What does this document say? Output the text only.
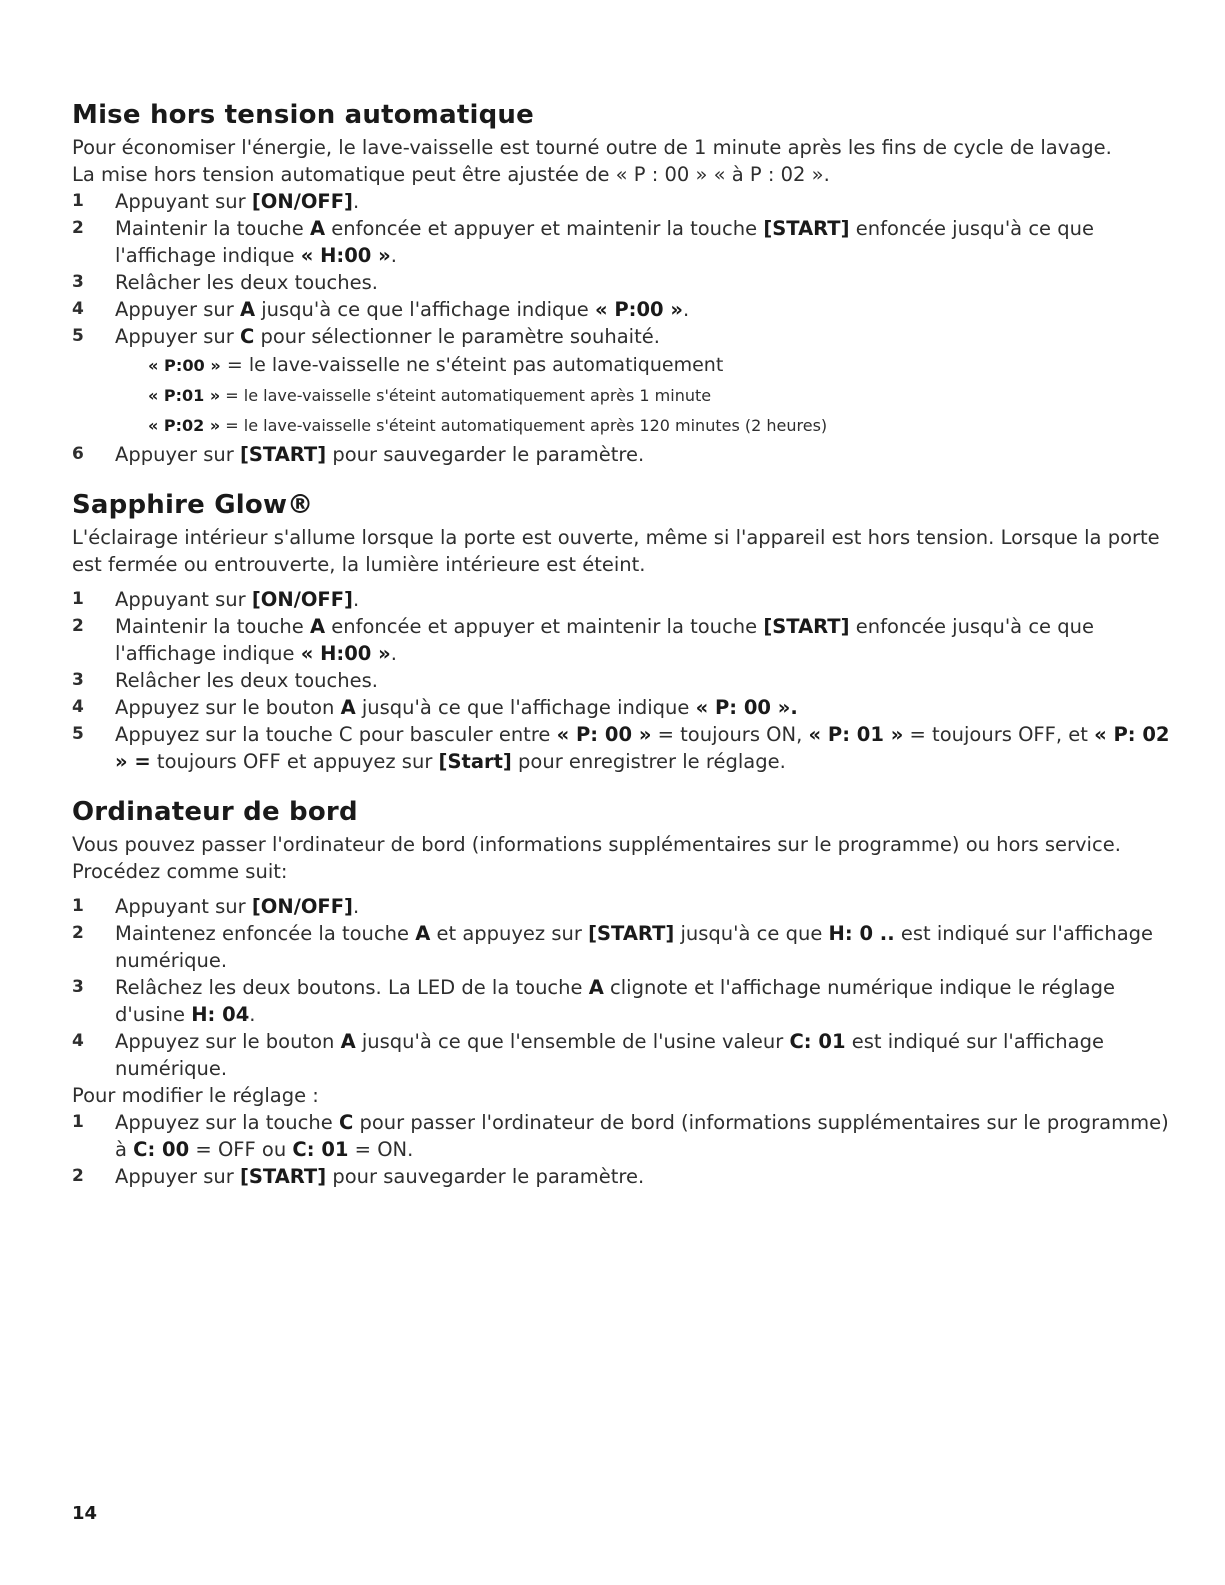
Mise hors tension automatique

Pour économiser l'énergie, le lave-vaisselle est tourné outre de 1 minute après les fins de cycle de lavage.

La mise hors tension automatique peut être ajustée de « P : 00 » « à P : 02 ».

1	Appuyant sur [ON/OFF].
2	Maintenir la touche A enfoncée et appuyer et maintenir la touche [START] enfoncée jusqu'à ce que l'affichage indique « H:00 ».
3	Relâcher les deux touches.
4	Appuyer sur A jusqu'à ce que l'affichage indique « P:00 ».
5	Appuyer sur C pour sélectionner le paramètre souhaité.
« P:00 » = le lave-vaisselle ne s'éteint pas automatiquement
« P:01 » = le lave-vaisselle s'éteint automatiquement après 1 minute
« P:02 » = le lave-vaisselle s'éteint automatiquement après 120 minutes (2 heures)
6	Appuyer sur [START] pour sauvegarder le paramètre.
Sapphire Glow®

L'éclairage intérieur s'allume lorsque la porte est ouverte, même si l'appareil est hors tension. Lorsque la porte est fermée ou entrouverte, la lumière intérieure est éteint.

1	Appuyant sur [ON/OFF].
2	Maintenir la touche A enfoncée et appuyer et maintenir la touche [START] enfoncée jusqu'à ce que l'affichage indique « H:00 ».
3	Relâcher les deux touches.
4	Appuyez sur le bouton A jusqu'à ce que l'affichage indique « P: 00 ».
5	Appuyez sur la touche C pour basculer entre « P: 00 » = toujours ON, « P: 01 » = toujours OFF, et « P: 02 » = toujours OFF et appuyez sur [Start] pour enregistrer le réglage.
Ordinateur de bord

Vous pouvez passer l'ordinateur de bord (informations supplémentaires sur le programme) ou hors service. Procédez comme suit:

1	Appuyant sur [ON/OFF].
2	Maintenez enfoncée la touche A et appuyez sur [START] jusqu'à ce que H: 0 .. est indiqué sur l'affichage numérique.
3	Relâchez les deux boutons. La LED de la touche A clignote et l'affichage numérique indique le réglage d'usine H: 04.
4	Appuyez sur le bouton A jusqu'à ce que l'ensemble de l'usine valeur C: 01 est indiqué sur l'affichage numérique.

Pour modifier le réglage :

1	Appuyez sur la touche C pour passer l'ordinateur de bord (informations supplémentaires sur le programme) à C: 00 = OFF ou C: 01 = ON.
2	Appuyer sur [START] pour sauvegarder le paramètre.
14
